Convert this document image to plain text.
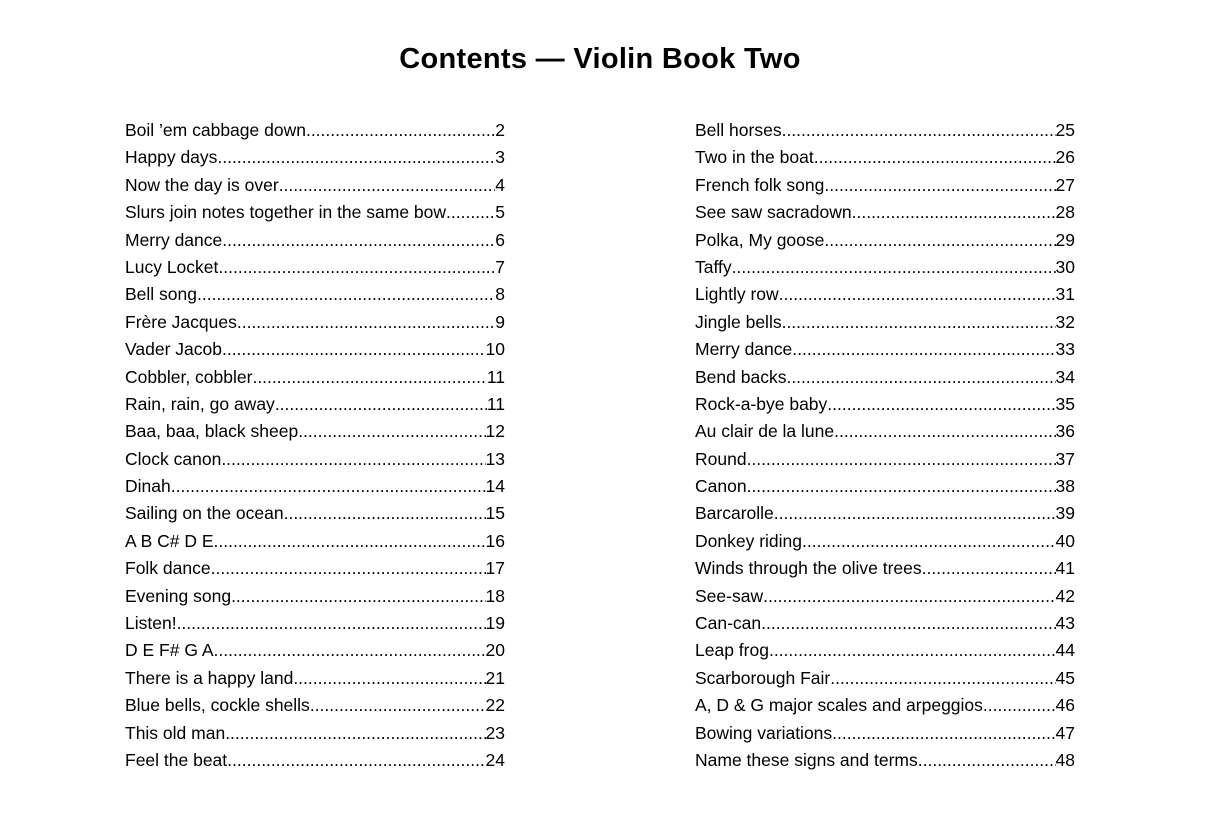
Contents — Violin Book Two
Boil ’em cabbage down .....	2
Happy days .....	3
Now the day is over .....	4
Slurs join notes together in the same bow .....	5
Merry dance .....	6
Lucy Locket .....	7
Bell song .....	8
Frère Jacques .....	9
Vader Jacob .....	10
Cobbler, cobbler .....	11
Rain, rain, go away .....	11
Baa, baa, black sheep .....	12
Clock canon .....	13
Dinah .....	14
Sailing on the ocean .....	15
A B C# D E .....	16
Folk dance .....	17
Evening song .....	18
Listen! .....	19
D E F# G A .....	20
There is a happy land .....	21
Blue bells, cockle shells .....	22
This old man .....	23
Feel the beat .....	24
Bell horses .....	25
Two in the boat .....	26
French folk song .....	27
See saw sacradown .....	28
Polka, My goose .....	29
Taffy .....	30
Lightly row .....	31
Jingle bells .....	32
Merry dance .....	33
Bend backs .....	34
Rock-a-bye baby .....	35
Au clair de la lune .....	36
Round .....	37
Canon .....	38
Barcarolle .....	39
Donkey riding .....	40
Winds through the olive trees .....	41
See-saw .....	42
Can-can .....	43
Leap frog .....	44
Scarborough Fair .....	45
A, D & G major scales and arpeggios .....	46
Bowing variations .....	47
Name these signs and terms .....	48
